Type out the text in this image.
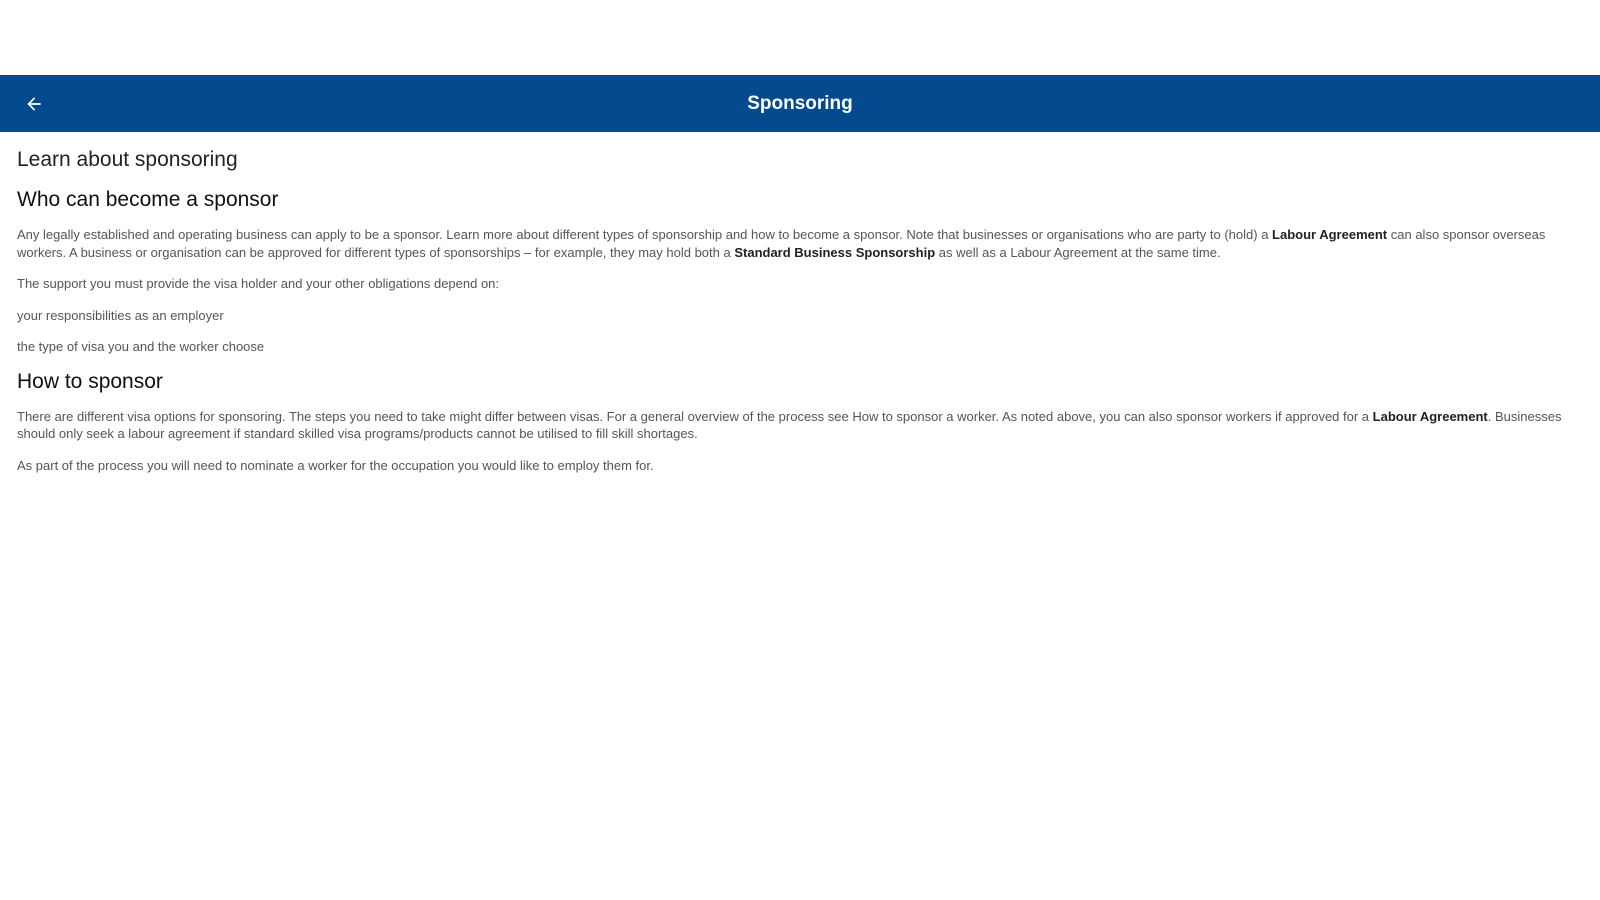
Sponsoring
Learn about sponsoring
Who can become a sponsor

Any legally established and operating business can apply to be a sponsor. Learn more about different types of sponsorship and how to become a sponsor. Note that businesses or organisations who are party to (hold) a Labour Agreement can also sponsor overseas workers. A business or organisation can be approved for different types of sponsorships – for example, they may hold both a Standard Business Sponsorship as well as a Labour Agreement at the same time.

The support you must provide the visa holder and your other obligations depend on:

your responsibilities as an employer

the type of visa you and the worker choose

How to sponsor

There are different visa options for sponsoring. The steps you need to take might differ between visas. For a general overview of the process see How to sponsor a worker. As noted above, you can also sponsor workers if approved for a Labour Agreement. Businesses should only seek a labour agreement if standard skilled visa programs/products cannot be utilised to fill skill shortages.

As part of the process you will need to nominate a worker for the occupation you would like to employ them for.
